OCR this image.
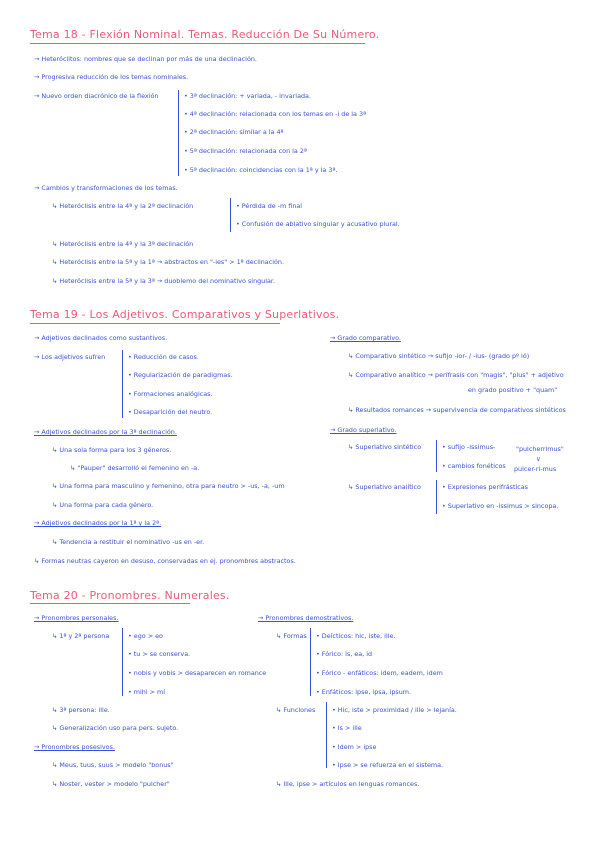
Tema 18 - Flexión Nominal. Temas. Reducción De Su Número.
→ Heteróclitos: nombres que se declinan por más de una declinación.
→ Progresiva reducción de los temas nominales.
→ Nuevo orden diacrónico de la flexión	• 3ª declinación: + variada, - invariada.
• 4ª declinación: relacionada con los temas en -i de la 3ª
• 2ª declinación: similar a la 4ª
• 5ª declinación: relacionada con la 2ª
• 5ª declinación: coincidencias con la 1ª y la 3ª.
→ Cambios y transformaciones de los temas.
↳ Heteróclisis entre la 4ª y la 2ª declinación	• Pérdida de -m final
• Confusión de ablativo singular y acusativo plural.
↳ Heteróclisis entre la 4ª y la 3ª declinación
↳ Heteróclisis entre la 5ª y la 1ª → abstractos en "-ies" > 1ª declinación.
↳ Heteróclisis entre la 5ª y la 3ª → duoblemo del nominativo singular.
Tema 19 - Los Adjetivos. Comparativos y Superlativos.
→ Adjetivos declinados como sustantivos.
→ Los adjetivos sufren	• Reducción de casos.
• Regularización de paradigmas.
• Formaciones analógicas.
• Desaparición del neutro.
→ Adjetivos declinados por la 3ª declinación.
↳ Una sola forma para los 3 géneros.
↳ "Pauper" desarrolló el femenino en -a.
↳ Una forma para masculino y femenino, otra para neutro > -us, -a, -um
↳ Una forma para cada género.
→ Adjetivos declinados por la 1ª y la 2ª.
↳ Tendencia a restituir el nominativo -us en -er.
↳ Formas neutras cayeron en desuso, conservadas en ej. pronombres abstractos.
→ Grado comparativo.
↳ Comparativo sintético → sufijo -ior- / -ius- (grado pº ió)
↳ Comparativo analítico → perífrasis con "magis", "plus" + adjetivo
en grado positivo + "quam"
↳ Resultados romances → supervivencia de comparativos sintéticos
→ Grado superlativo.
↳ Superlativo sintético	• sufijo -issimus-
• cambios fonéticos
"pulcherrimus"
∨
pulcer-ri-mus
↳ Superlativo analítico	• Expresiones perifrásticas
• Superlativo en -issimus > sincopa.
Tema 20 - Pronombres. Numerales.
→ Pronombres personales.
↳ 1ª y 2ª persona	• ego > eo
• tu > se conserva.
• nobis y vobis > desaparecen en romance
• mihi > mí
↳ 3ª persona: ille.
↳ Generalización uso para pers. sujeto.
→ Pronombres posesivos.
↳ Meus, tuus, suus > modelo "bonus"
↳ Noster, vester > modelo "pulcher"
→ Pronombres demostrativos.
↳ Formas • Deícticos: hic, iste, ille.
• Fórico: is, ea, id
• Fórico - enfáticos: idem, eadem, idem
• Enfáticos: ipse, ipsa, ipsum.
↳ Funciones	• Hic, iste > proximidad / ille > lejanía.
• Is > ille
• Idem > ipse
• Ipse > se refuerza en el sistema.
↳ Ille, ipse > artículos en lenguas romances.
